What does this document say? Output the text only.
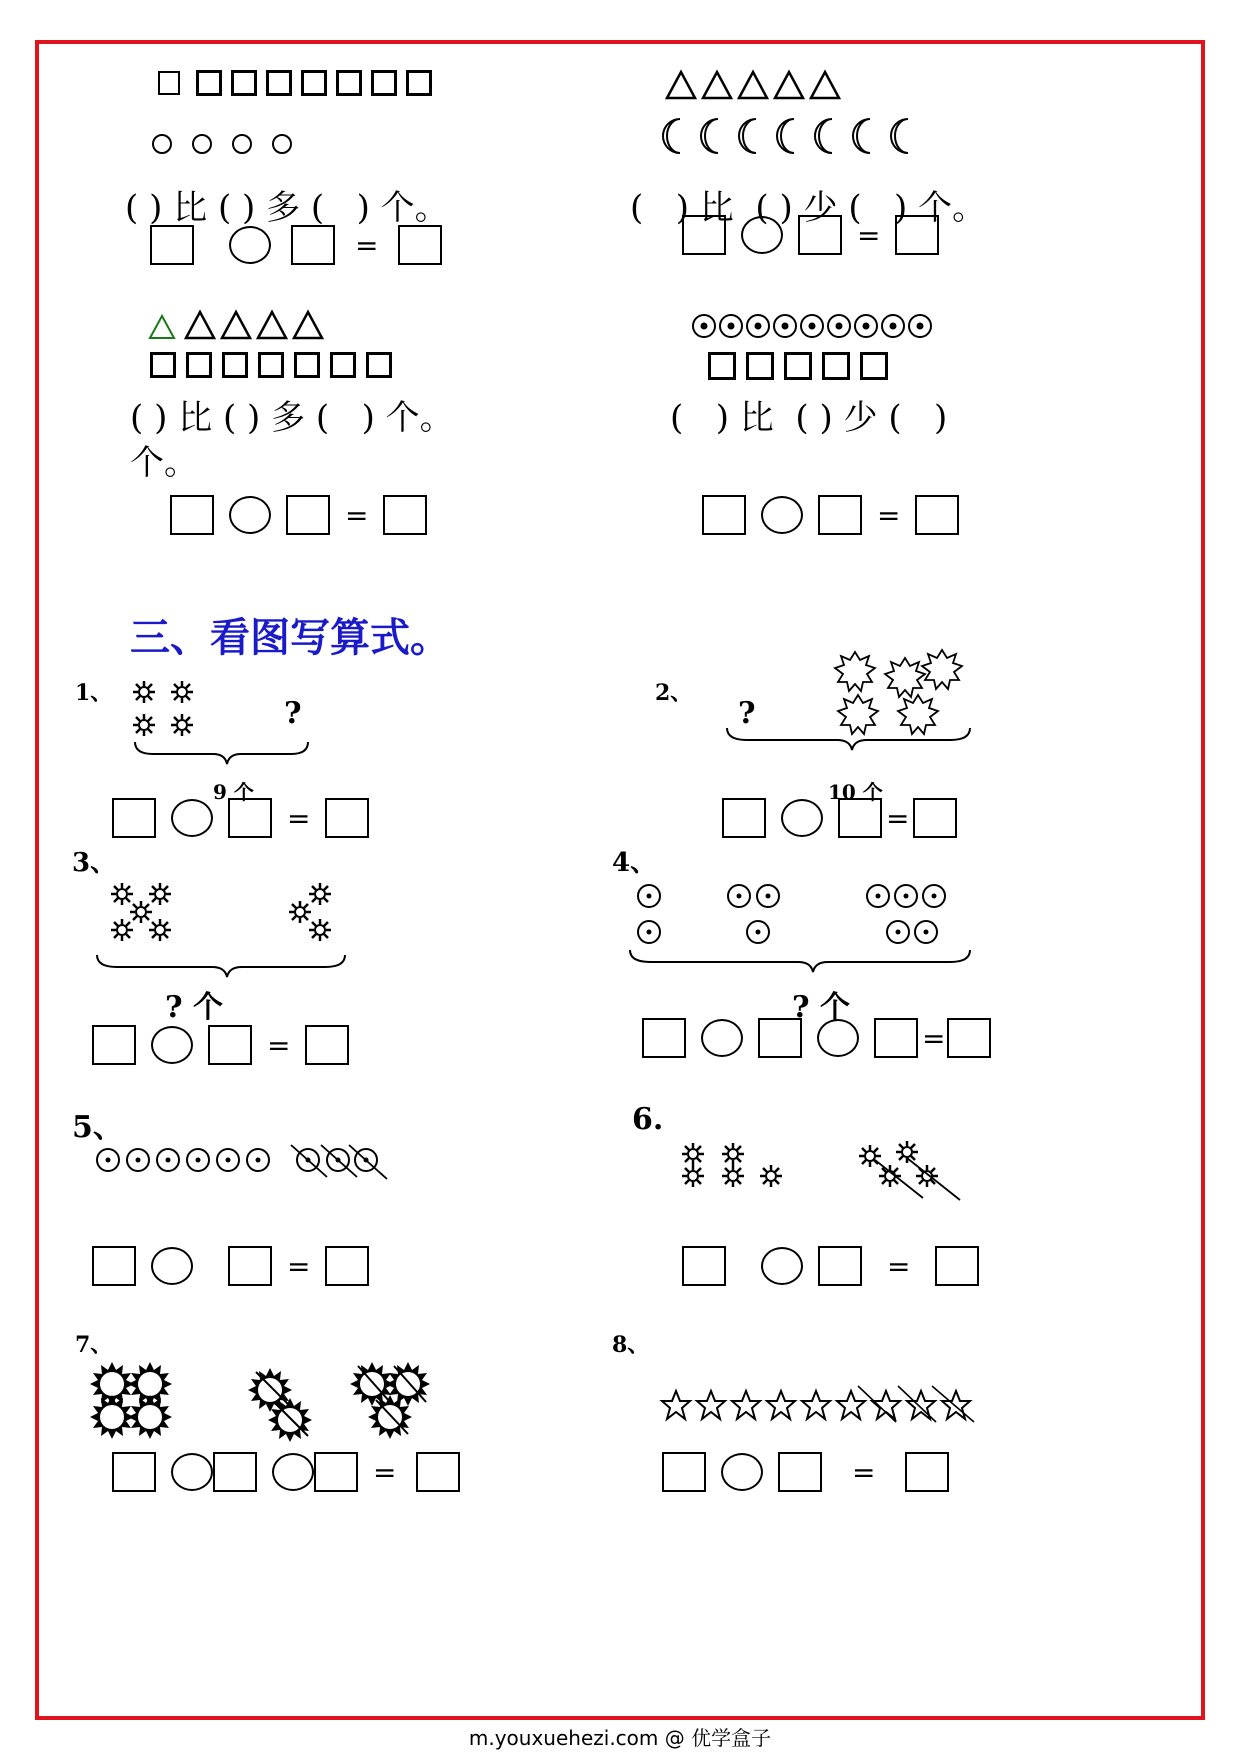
( ) 比 ( ) 多 (   ) 个。
=
(   ) 比  ( ) 少 (   ) 个。
=
( ) 比 ( ) 多 (   ) 个。
个。
=
(   ) 比  ( ) 少 (   )
=
三、看图写算式。
1、
?
9 个
=
2、
?
10 个
=
3、
? 个
=
4、
? 个
=
5、
=
6.
=
7、
=
8、
=
m.youxuehezi.com @ 优学盒子
